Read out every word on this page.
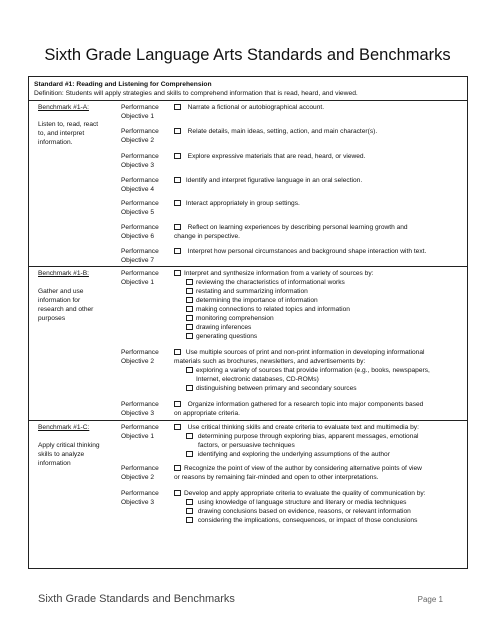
Sixth Grade Language Arts Standards and Benchmarks
Standard #1: Reading and Listening for Comprehension
Definition: Students will apply strategies and skills to comprehend information that is read, heard, and viewed.
Benchmark #1-A:
Listen to, read, react
to, and interpret
information.
Performance
Objective 1
Narrate a fictional or autobiographical account.
Performance
Objective 2
Relate details, main ideas, setting, action, and main character(s).
Performance
Objective 3
Explore expressive materials that are read, heard, or viewed.
Performance
Objective 4
Identify and interpret figurative language in an oral selection.
Performance
Objective 5
Interact appropriately in group settings.
Performance
Objective 6
Reflect on learning experiences by describing personal learning growth and
change in perspective.
Performance
Objective 7
Interpret how personal circumstances and background shape interaction with text.
Benchmark #1-B:
Gather and use
information for
research and other
purposes
Performance
Objective 1
Interpret and synthesize information from a variety of sources by:
reviewing the characteristics of informational works
restating and summarizing information
determining the importance of information
making connections to related topics and information
monitoring comprehension
drawing inferences
generating questions
Performance
Objective 2
Use multiple sources of print and non-print information in developing informational
materials such as brochures, newsletters, and advertisements by:
exploring a variety of sources that provide information (e.g., books, newspapers,
Internet, electronic databases, CD-ROMs)
distinguishing between primary and secondary sources
Performance
Objective 3
Organize information gathered for a research topic into major components based
on appropriate criteria.
Benchmark #1-C:
Apply critical thinking
skills to analyze
information
Performance
Objective 1
Use critical thinking skills and create criteria to evaluate text and multimedia by:
determining purpose through exploring bias, apparent messages, emotional
factors, or persuasive techniques
identifying and exploring the underlying assumptions of the author
Performance
Objective 2
Recognize the point of view of the author by considering alternative points of view
or reasons by remaining fair-minded and open to other interpretations.
Performance
Objective 3
Develop and apply appropriate criteria to evaluate the quality of communication by:
using knowledge of language structure and literary or media techniques
drawing conclusions based on evidence, reasons, or relevant information
considering the implications, consequences, or impact of those conclusions
Sixth Grade Standards and Benchmarks	Page 1
